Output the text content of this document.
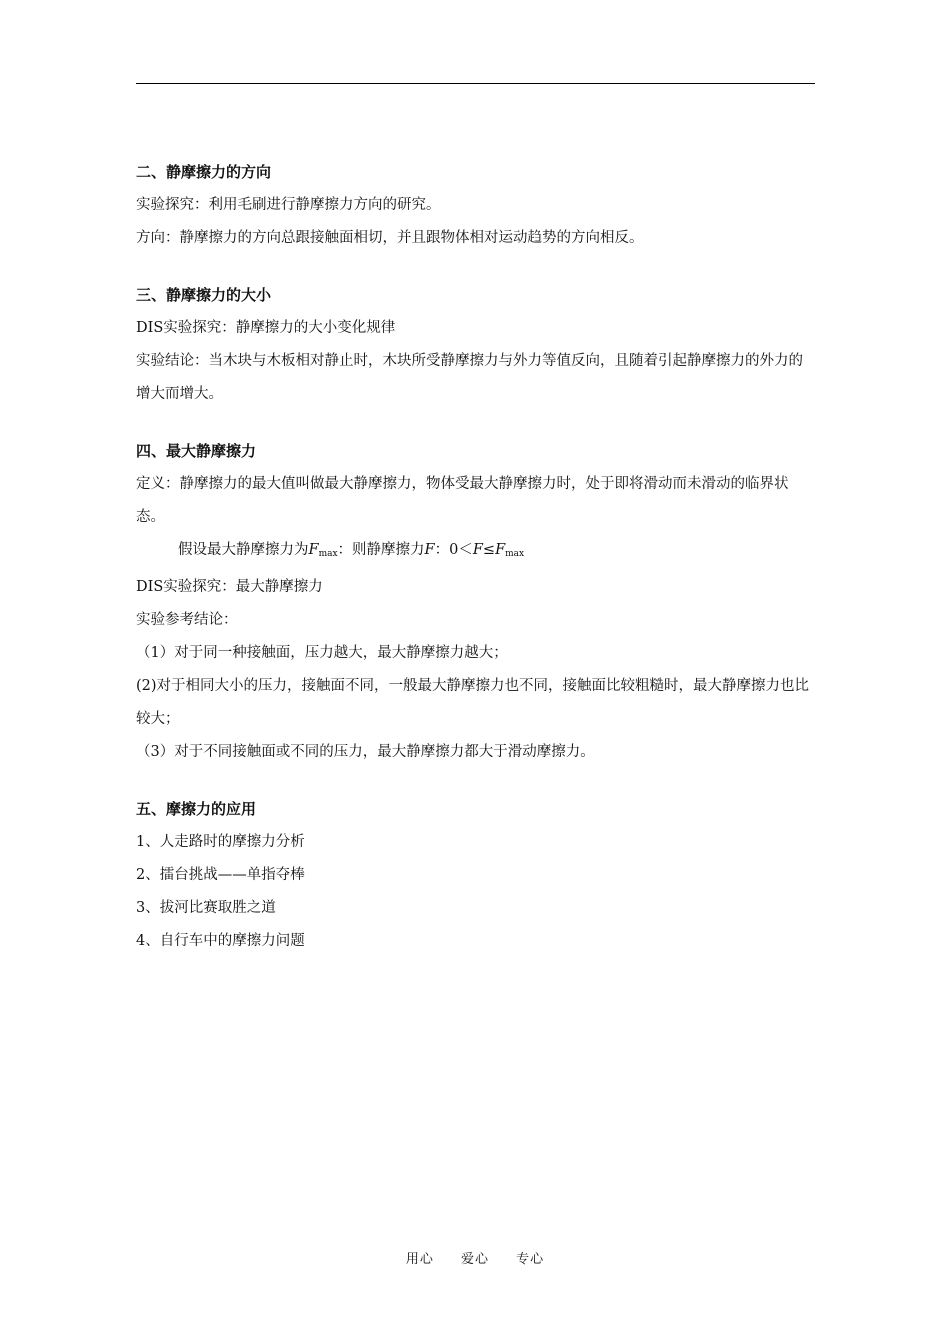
二、静摩擦力的方向

实验探究：利用毛刷进行静摩擦力方向的研究。

方向：静摩擦力的方向总跟接触面相切，并且跟物体相对运动趋势的方向相反。

三、静摩擦力的大小

DIS实验探究：静摩擦力的大小变化规律

实验结论：当木块与木板相对静止时，木块所受静摩擦力与外力等值反向，且随着引起静摩擦力的外力的增大而增大。

四、最大静摩擦力

定义：静摩擦力的最大值叫做最大静摩擦力，物体受最大静摩擦力时，处于即将滑动而未滑动的临界状态。

假设最大静摩擦力为$F_{max}$：则静摩擦力F：$0<F\le F_{max}$

DIS实验探究：最大静摩擦力

实验参考结论：

（1）对于同一种接触面，压力越大，最大静摩擦力越大；

(2)对于相同大小的压力，接触面不同，一般最大静摩擦力也不同，接触面比较粗糙时，最大静摩擦力也比较大；

（3）对于不同接触面或不同的压力，最大静摩擦力都大于滑动摩擦力。

五、摩擦力的应用

1、人走路时的摩擦力分析

2、擂台挑战——单指夺棒

3、拔河比赛取胜之道

4、自行车中的摩擦力问题

用心 爱心 专心
